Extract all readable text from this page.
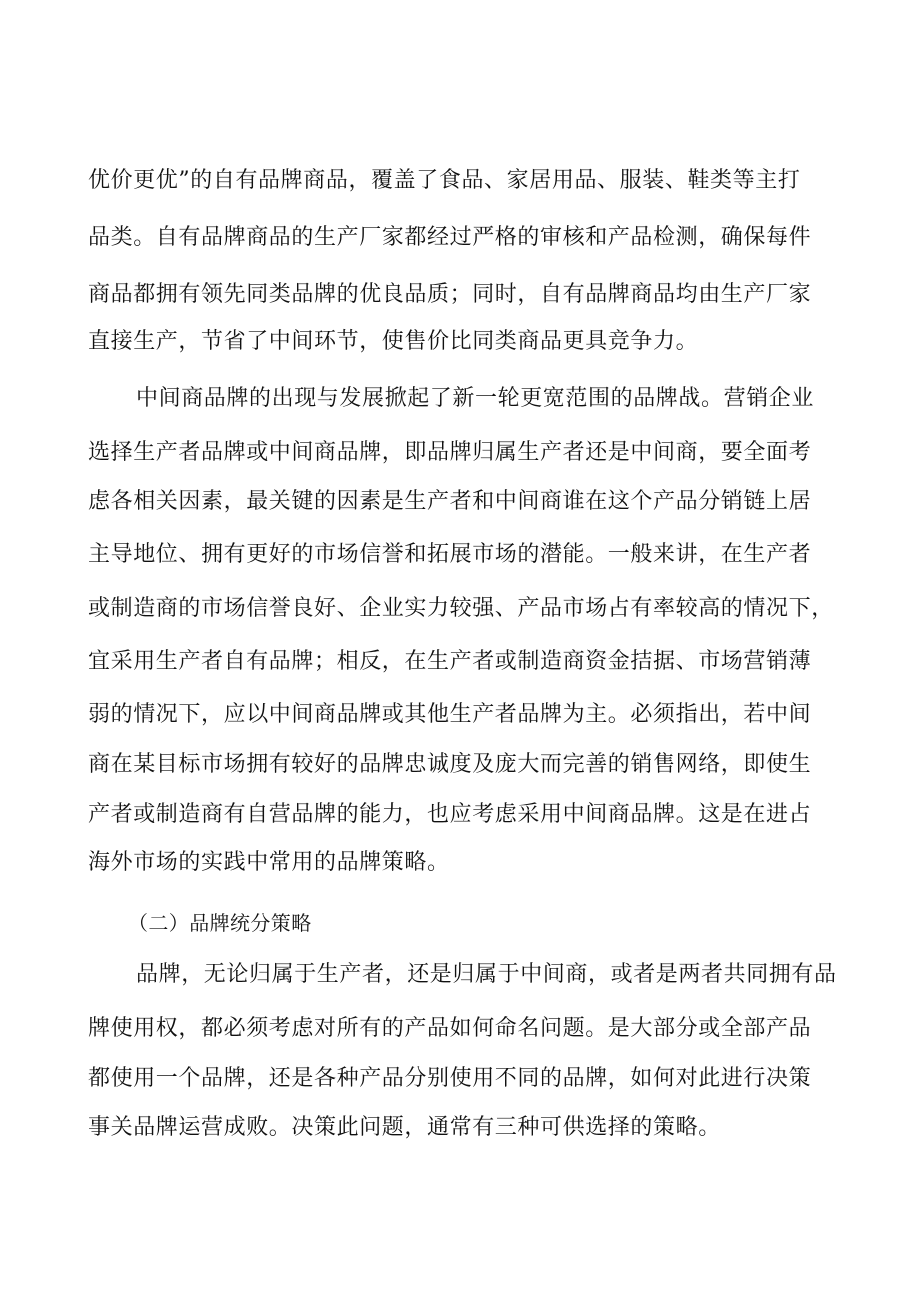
优价更优”的自有品牌商品，覆盖了食品、家居用品、服装、鞋类等主打

品类。自有品牌商品的生产厂家都经过严格的审核和产品检测，确保每件

商品都拥有领先同类品牌的优良品质；同时，自有品牌商品均由生产厂家

直接生产，节省了中间环节，使售价比同类商品更具竞争力。

中间商品牌的出现与发展掀起了新一轮更宽范围的品牌战。营销企业

选择生产者品牌或中间商品牌，即品牌归属生产者还是中间商，要全面考

虑各相关因素，最关键的因素是生产者和中间商谁在这个产品分销链上居

主导地位、拥有更好的市场信誉和拓展市场的潜能。一般来讲，在生产者

或制造商的市场信誉良好、企业实力较强、产品市场占有率较高的情况下，

宜采用生产者自有品牌；相反，在生产者或制造商资金拮据、市场营销薄

弱的情况下，应以中间商品牌或其他生产者品牌为主。必须指出，若中间

商在某目标市场拥有较好的品牌忠诚度及庞大而完善的销售网络，即使生

产者或制造商有自营品牌的能力，也应考虑采用中间商品牌。这是在进占

海外市场的实践中常用的品牌策略。

（二）品牌统分策略

品牌，无论归属于生产者，还是归属于中间商，或者是两者共同拥有品

牌使用权，都必须考虑对所有的产品如何命名问题。是大部分或全部产品

都使用一个品牌，还是各种产品分别使用不同的品牌，如何对此进行决策

事关品牌运营成败。决策此问题，通常有三种可供选择的策略。
